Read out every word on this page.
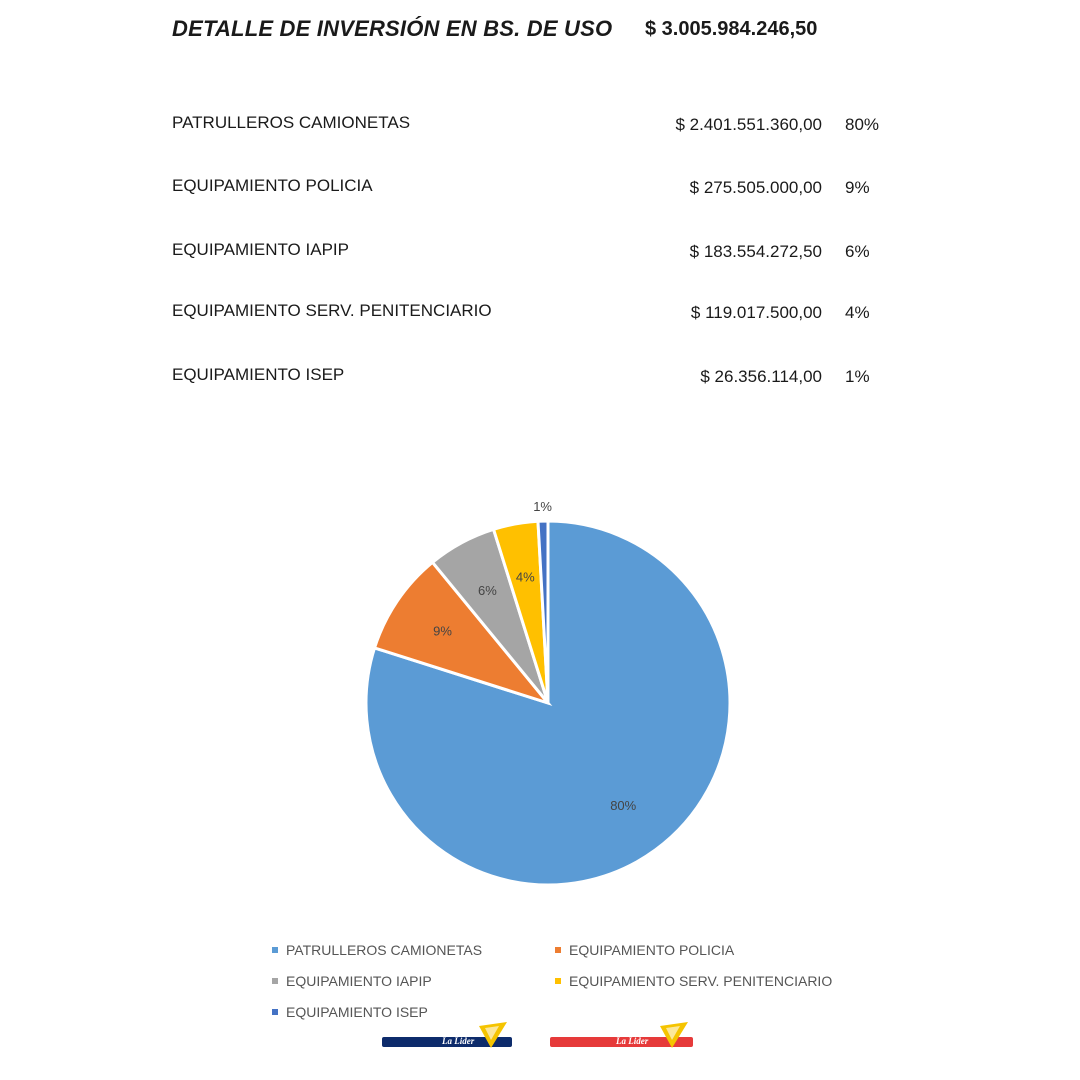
DETALLE DE INVERSIÓN EN BS. DE USO $ 3.005.984.246,50
PATRULLEROS CAMIONETAS	$ 2.401.551.360,00 80%
EQUIPAMIENTO POLICIA	$ 275.505.000,00 9%
EQUIPAMIENTO IAPIP	$ 183.554.272,50 6%
EQUIPAMIENTO SERV. PENITENCIARIO	$ 119.017.500,00 4%
EQUIPAMIENTO ISEP	$ 26.356.114,00 1%
80%
9%
6%
4%
1%
PATRULLEROS CAMIONETAS	EQUIPAMIENTO POLICIA
EQUIPAMIENTO IAPIP	EQUIPAMIENTO SERV. PENITENCIARIO
EQUIPAMIENTO ISEP
La Lider	La Lider
